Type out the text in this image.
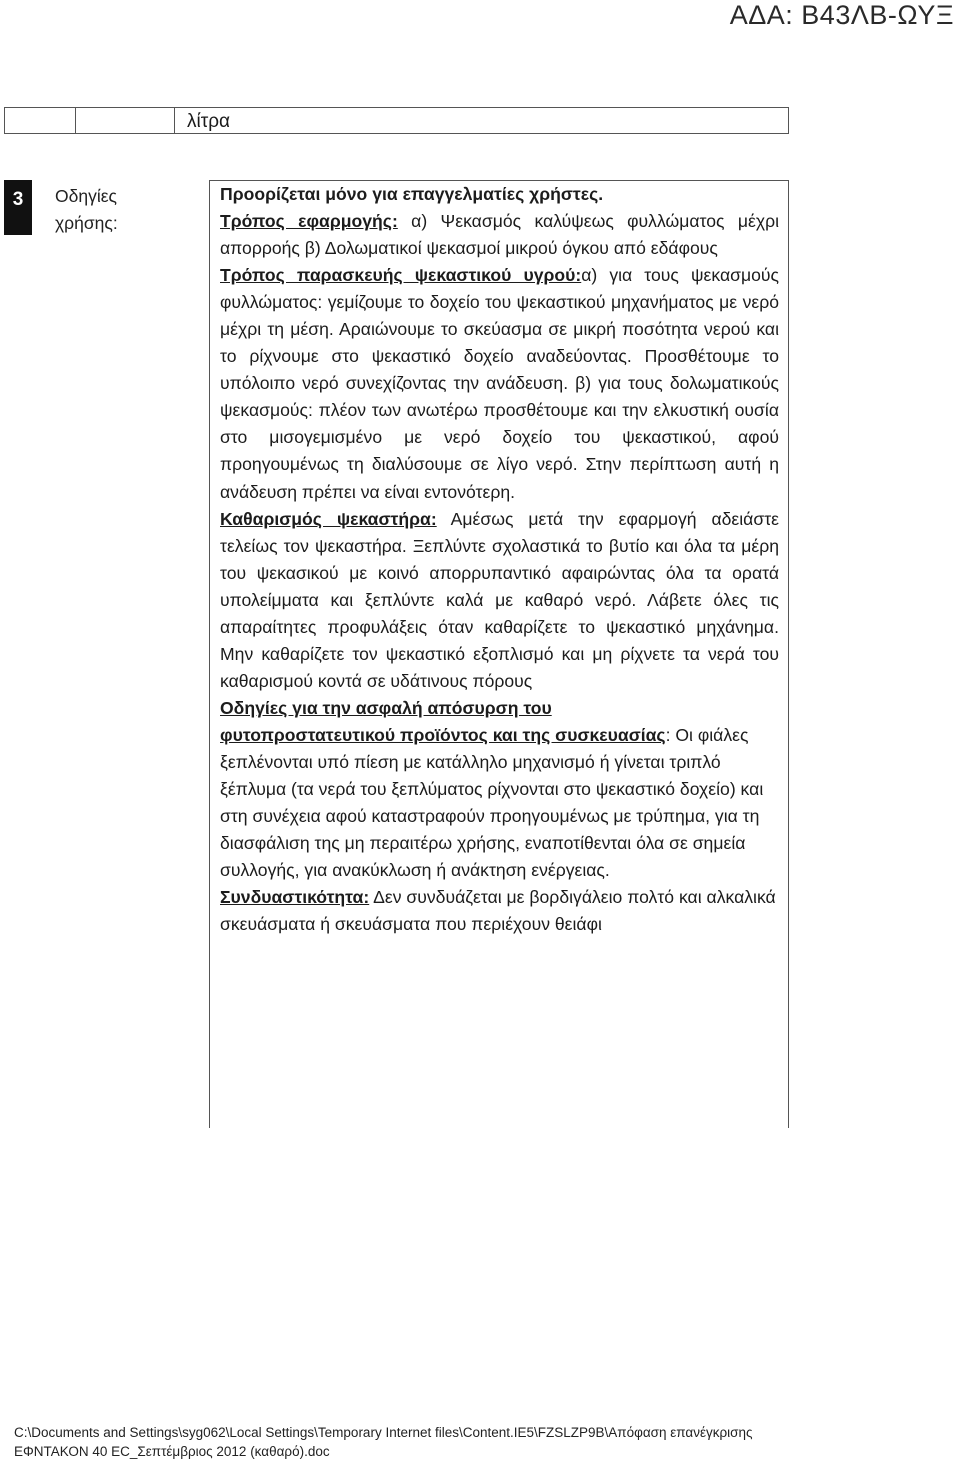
ΑΔΑ: Β43ΛΒ-ΩΥΞ
λίτρα
3	Οδηγίες
χρήσης:

Προορίζεται μόνο για επαγγελματίες χρήστες.

Τρόπος εφαρμογής: α) Ψεκασμός καλύψεως φυλλώματος μέχρι απορροής β) Δολωματικοί ψεκασμοί μικρού όγκου από εδάφους

Τρόπος παρασκευής ψεκαστικού υγρού:α) για τους ψεκασμούς φυλλώματος: γεμίζουμε το δοχείο του ψεκαστικού μηχανήματος με νερό μέχρι τη μέση. Αραιώνουμε το σκεύασμα σε μικρή ποσότητα νερού και το ρίχνουμε στο ψεκαστικό δοχείο αναδεύοντας. Προσθέτουμε το υπόλοιπο νερό συνεχίζοντας την ανάδευση. β) για τους δολωματικούς ψεκασμούς: πλέον των ανωτέρω προσθέτουμε και την ελκυστική ουσία στο μισογεμισμένο με νερό δοχείο του ψεκαστικού, αφού προηγουμένως τη διαλύσουμε σε λίγο νερό. Στην περίπτωση αυτή η ανάδευση πρέπει να είναι εντονότερη.

Καθαρισμός ψεκαστήρα: Αμέσως μετά την εφαρμογή αδειάστε τελείως τον ψεκαστήρα. Ξεπλύντε σχολαστικά το βυτίο και όλα τα μέρη του ψεκασικού με κοινό απορρυπαντικό αφαιρώντας όλα τα ορατά υπολείμματα και ξεπλύντε καλά με καθαρό νερό. Λάβετε όλες τις απαραίτητες προφυλάξεις όταν καθαρίζετε το ψεκαστικό μηχάνημα. Μην καθαρίζετε τον ψεκαστικό εξοπλισμό και μη ρίχνετε τα νερά του καθαρισμού κοντά σε υδάτινους πόρους

Οδηγίες για την ασφαλή απόσυρση του
φυτοπροστατευτικού προϊόντος και της συσκευασίας: Οι φιάλες ξεπλένονται υπό πίεση με κατάλληλο μηχανισμό ή γίνεται τριπλό ξέπλυμα (τα νερά του ξεπλύματος ρίχνονται στο ψεκαστικό δοχείο) και στη συνέχεια αφού καταστραφούν προηγουμένως με τρύπημα, για τη διασφάλιση της μη περαιτέρω χρήσης, εναποτίθενται όλα σε σημεία συλλογής, για ανακύκλωση ή ανάκτηση ενέργειας.

Συνδυαστικότητα: Δεν συνδυάζεται με βορδιγάλειο πολτό και αλκαλικά σκευάσματα ή σκευάσματα που περιέχουν θειάφι

C:\Documents and Settings\syg062\Local Settings\Temporary Internet files\Content.IE5\FZSLZP9B\Απόφαση επανέγκρισης
ΕΦΝΤΑΚΟΝ 40 EC_Σεπτέμβριος 2012 (καθαρό).doc
